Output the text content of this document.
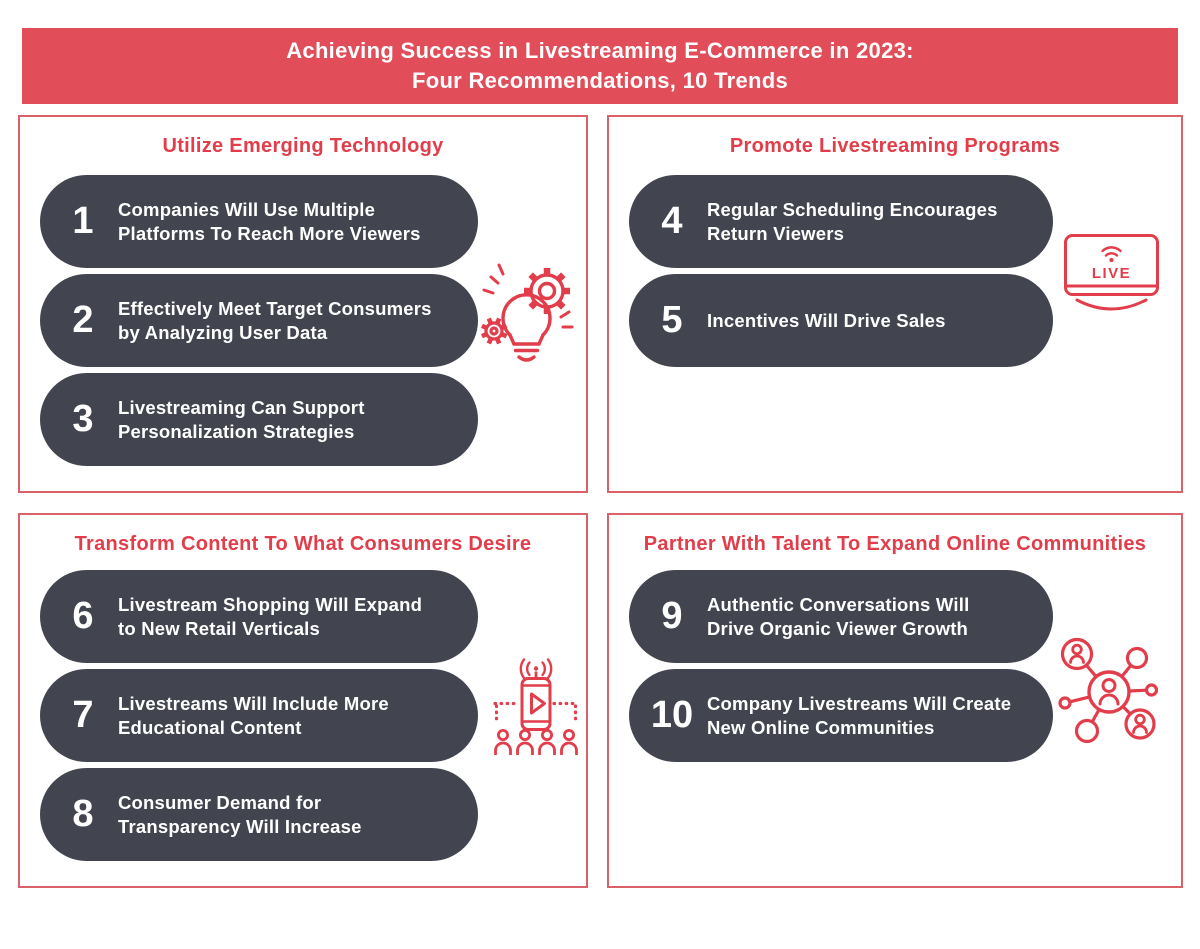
Achieving Success in Livestreaming E-Commerce in 2023:
Four Recommendations, 10 Trends
Utilize Emerging Technology
1	Companies Will Use Multiple
Platforms To Reach More Viewers
2	Effectively Meet Target Consumers
by Analyzing User Data
3	Livestreaming Can Support
Personalization Strategies
Promote Livestreaming Programs
4	Regular Scheduling Encourages
Return Viewers
5	Incentives Will Drive Sales
LIVE
Transform Content To What Consumers Desire
6	Livestream Shopping Will Expand
to New Retail Verticals
7	Livestreams Will Include More
Educational Content
8	Consumer Demand for
Transparency Will Increase
Partner With Talent To Expand Online Communities
9	Authentic Conversations Will
Drive Organic Viewer Growth
10 Company Livestreams Will Create
New Online Communities
